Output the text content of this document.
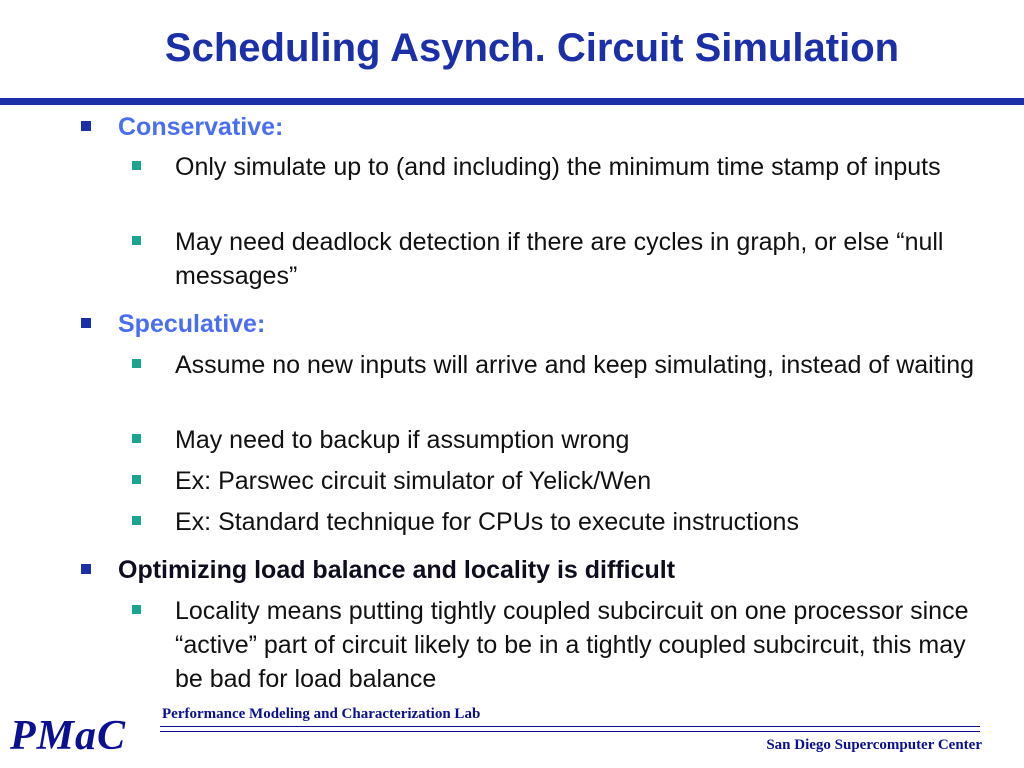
Scheduling Asynch. Circuit Simulation
Conservative:
Only simulate up to (and including) the minimum time stamp of inputs
May need deadlock detection if there are cycles in graph, or else “null messages”
Speculative:
Assume no new inputs will arrive and keep simulating, instead of waiting
May need to backup if assumption wrong
Ex: Parswec circuit simulator of Yelick/Wen
Ex: Standard technique for CPUs to execute instructions
Optimizing load balance and locality is difficult
Locality means putting tightly coupled subcircuit on one processor since “active” part of circuit likely to be in a tightly coupled subcircuit, this may be bad for load balance
PMaC Performance Modeling and Characterization Lab
San Diego Supercomputer Center
